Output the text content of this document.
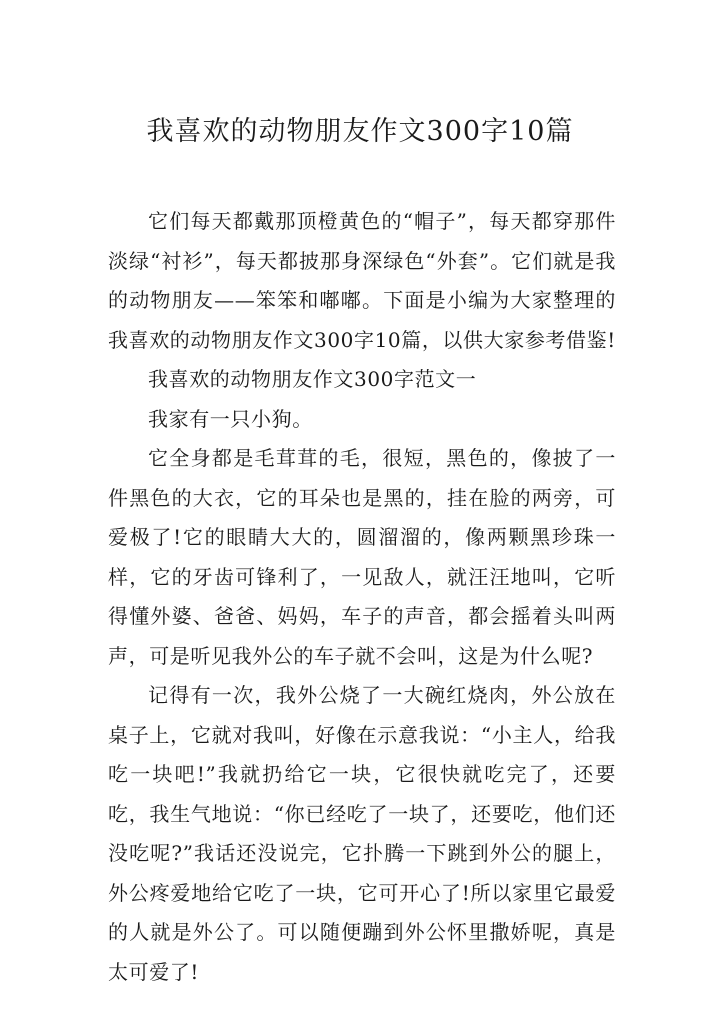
我喜欢的动物朋友作文300字10篇

它们每天都戴那顶橙黄色的“帽子”，每天都穿那件淡绿“衬衫”，每天都披那身深绿色“外套”。它们就是我的动物朋友——笨笨和嘟嘟。下面是小编为大家整理的我喜欢的动物朋友作文300字10篇，以供大家参考借鉴!

我喜欢的动物朋友作文300字范文一

我家有一只小狗。

它全身都是毛茸茸的毛，很短，黑色的，像披了一件黑色的大衣，它的耳朵也是黑的，挂在脸的两旁，可爱极了!它的眼睛大大的，圆溜溜的，像两颗黑珍珠一样，它的牙齿可锋利了，一见敌人，就汪汪地叫，它听得懂外婆、爸爸、妈妈，车子的声音，都会摇着头叫两声，可是听见我外公的车子就不会叫，这是为什么呢?

记得有一次，我外公烧了一大碗红烧肉，外公放在桌子上，它就对我叫，好像在示意我说：“小主人，给我吃一块吧!”我就扔给它一块，它很快就吃完了，还要吃，我生气地说：“你已经吃了一块了，还要吃，他们还没吃呢?”我话还没说完，它扑腾一下跳到外公的腿上，外公疼爱地给它吃了一块，它可开心了!所以家里它最爱的人就是外公了。可以随便蹦到外公怀里撒娇呢，真是太可爱了!
